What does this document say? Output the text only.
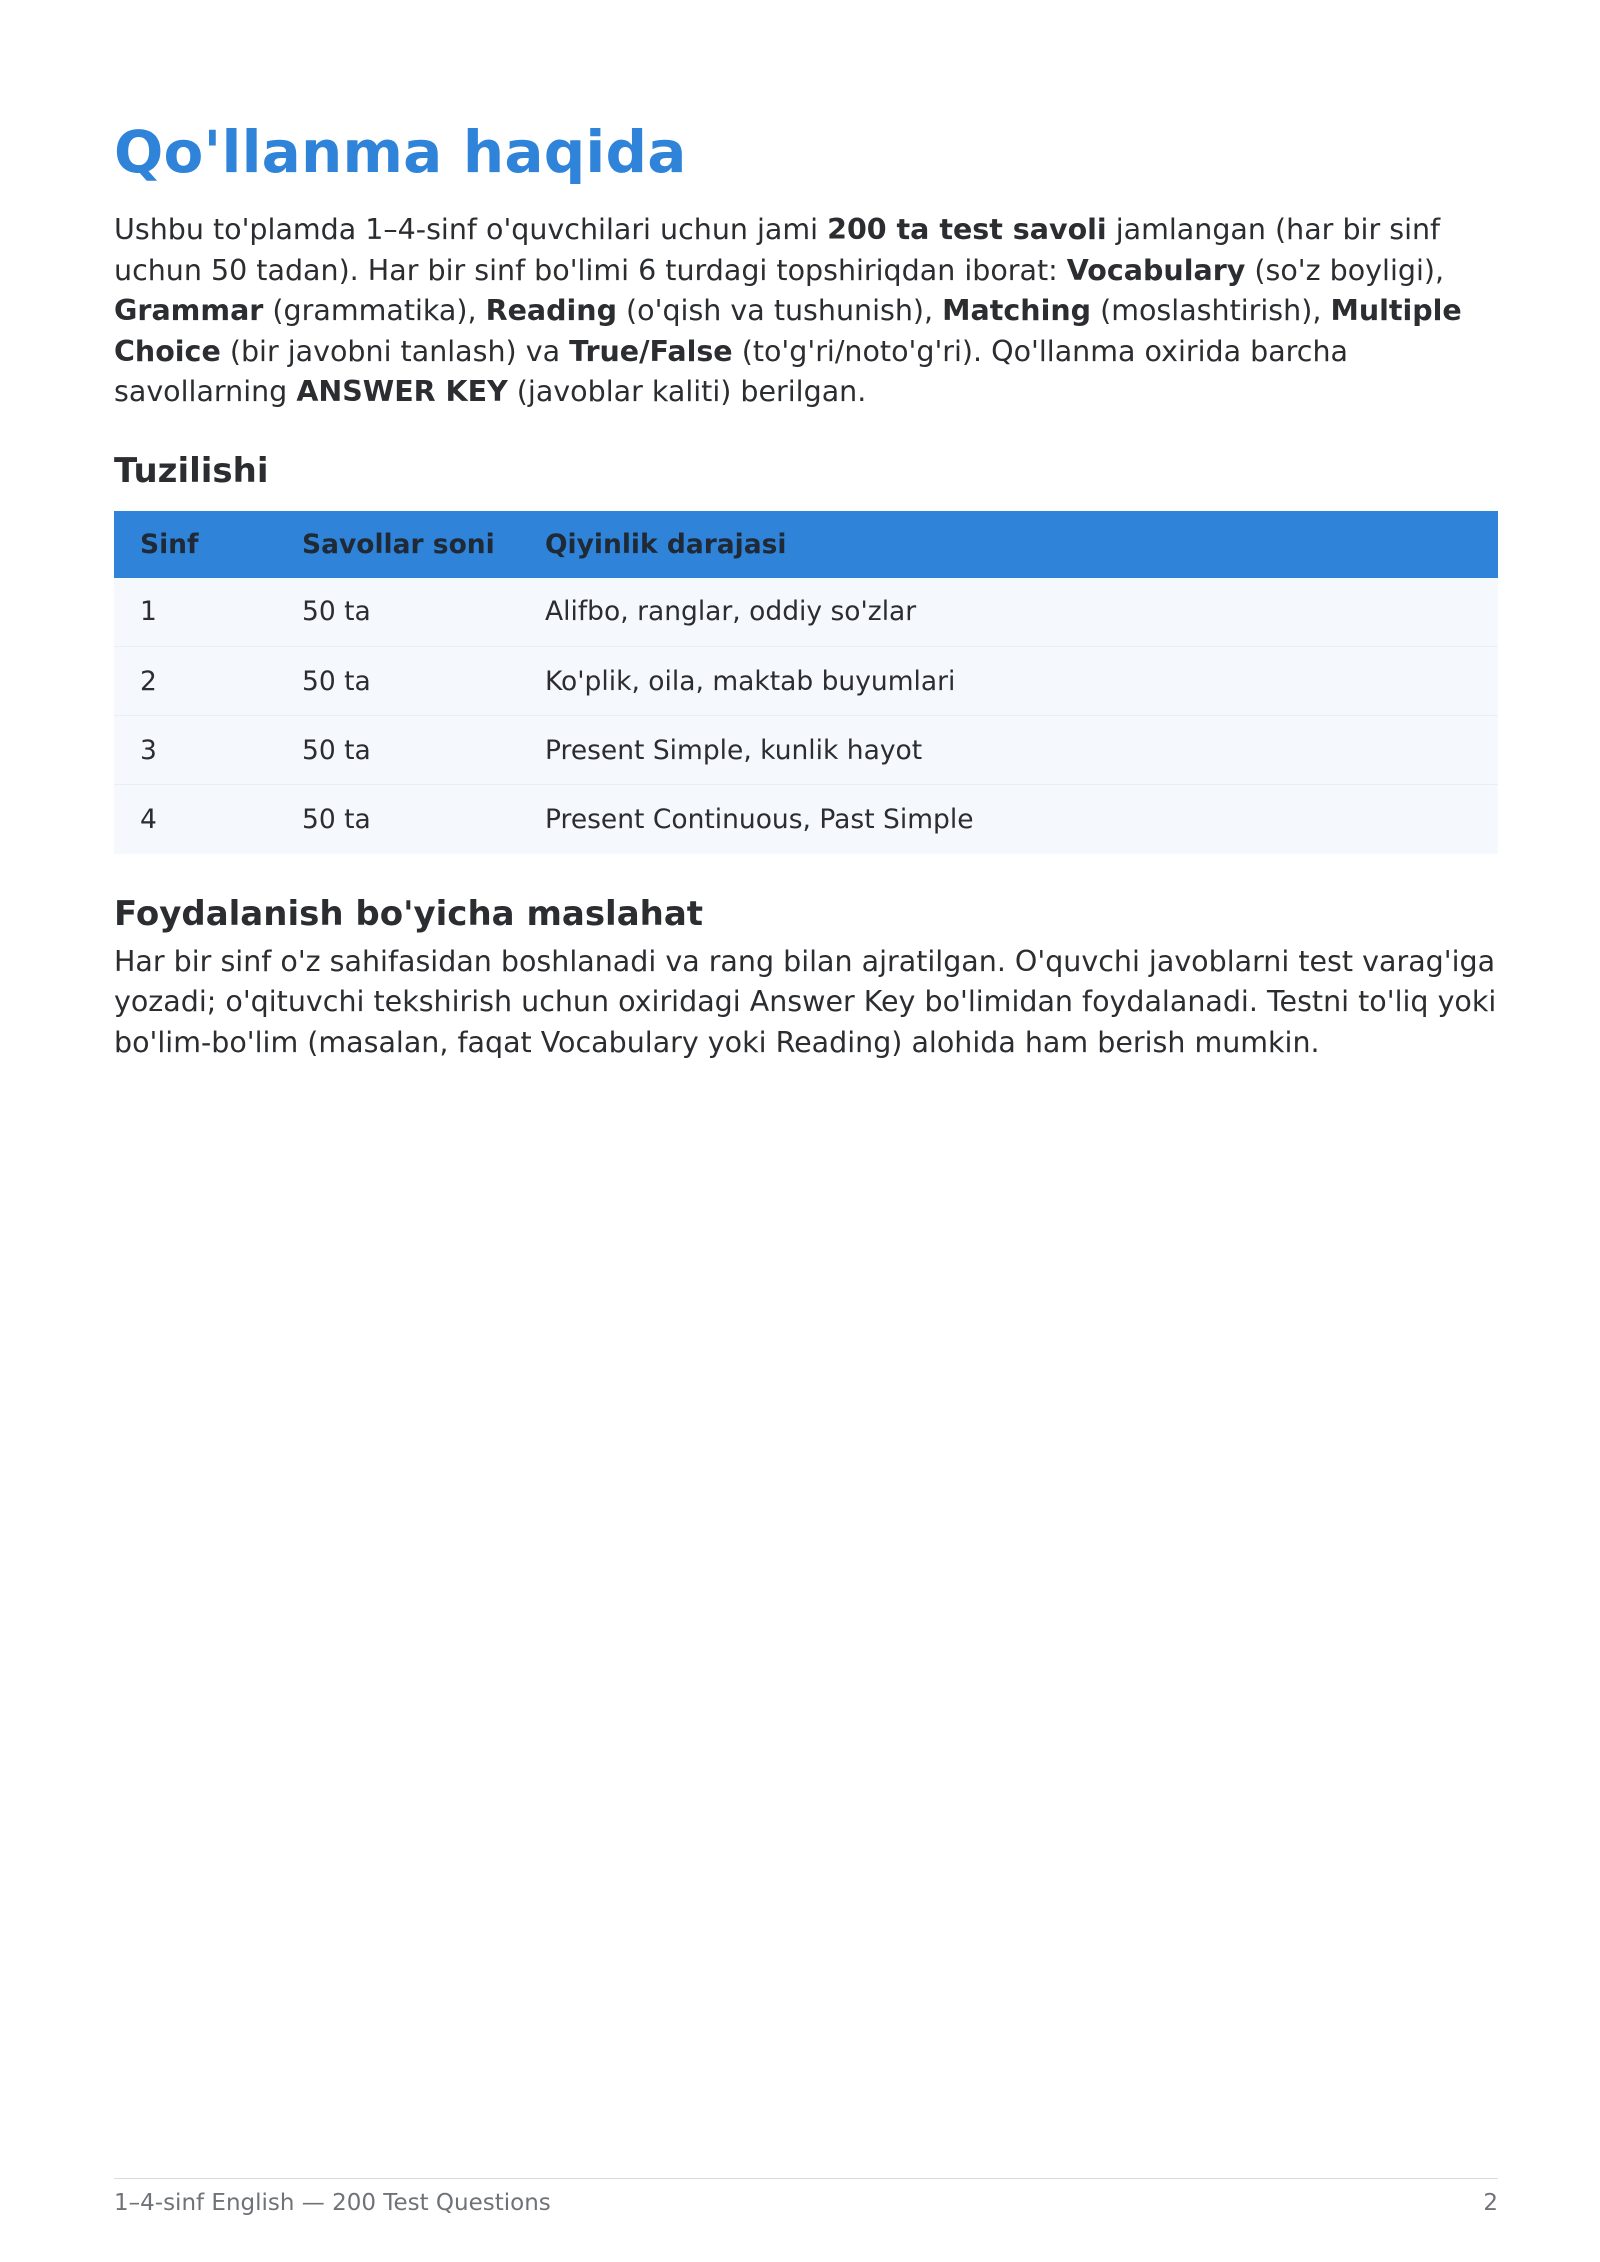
Qo'llanma haqida

Ushbu to'plamda 1–4-sinf o'quvchilari uchun jami 200 ta test savoli jamlangan (har bir sinf uchun 50 tadan). Har bir sinf bo'limi 6 turdagi topshiriqdan iborat: Vocabulary (so'z boyligi), Grammar (grammatika), Reading (o'qish va tushunish), Matching (moslashtirish), Multiple Choice (bir javobni tanlash) va True/False (to'g'ri/noto'g'ri). Qo'llanma oxirida barcha savollarning ANSWER KEY (javoblar kaliti) berilgan.

Tuzilishi
Sinf	Savollar soni	Qiyinlik darajasi
1	50 ta	Alifbo, ranglar, oddiy so'zlar
2	50 ta	Ko'plik, oila, maktab buyumlari
3	50 ta	Present Simple, kunlik hayot
4	50 ta	Present Continuous, Past Simple
Foydalanish bo'yicha maslahat

Har bir sinf o'z sahifasidan boshlanadi va rang bilan ajratilgan. O'quvchi javoblarni test varag'iga yozadi; o'qituvchi tekshirish uchun oxiridagi Answer Key bo'limidan foydalanadi. Testni to'liq yoki bo'lim-bo'lim (masalan, faqat Vocabulary yoki Reading) alohida ham berish mumkin.

1–4-sinf English — 200 Test Questions	2
